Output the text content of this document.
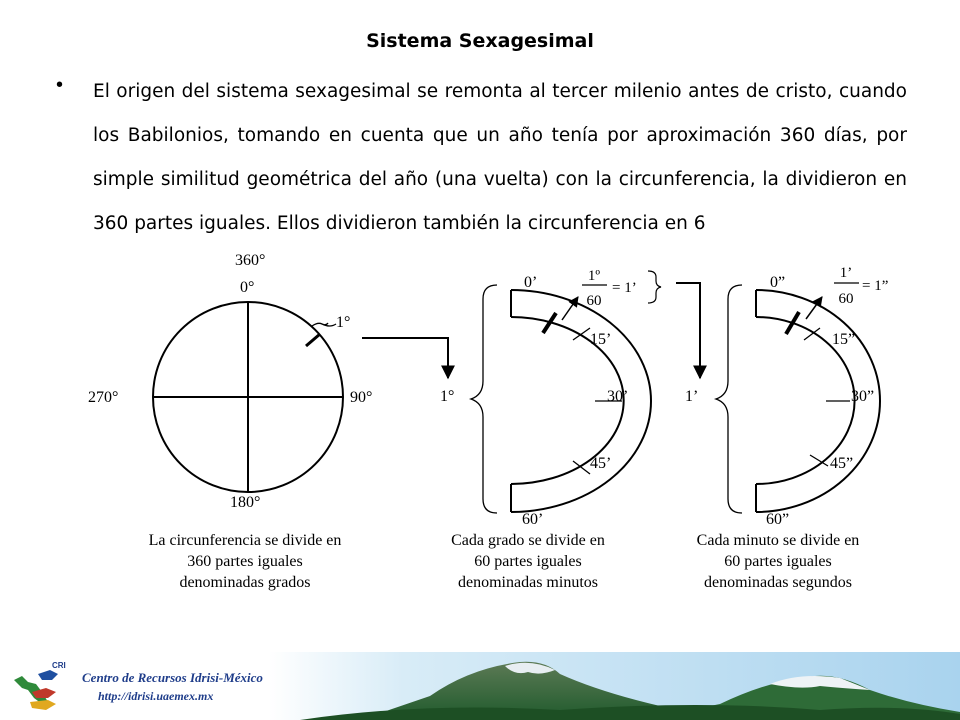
Sistema Sexagesimal
• El origen del sistema sexagesimal se remonta al tercer milenio antes de cristo, cuando los Babilonios, tomando en cuenta que un año tenía por aproximación 360 días, por simple similitud geométrica del año (una vuelta) con la circunferencia, la dividieron en 360 partes iguales. Ellos dividieron también la circunferencia en 6

360°
0°
90°
180°
270°
1°
La circunferencia se divide en
360 partes iguales
denominadas grados
1°
0’
15’
30’
45’
60’
1º
60
= 1’
Cada grado se divide en
60 partes iguales
denominadas minutos
1’
0”
15”
30”
45”
60”
1’
60
= 1”
Cada minuto se divide en
60 partes iguales
denominadas segundos
CRI
Centro de Recursos Idrisi-México
http://idrisi.uaemex.mx
